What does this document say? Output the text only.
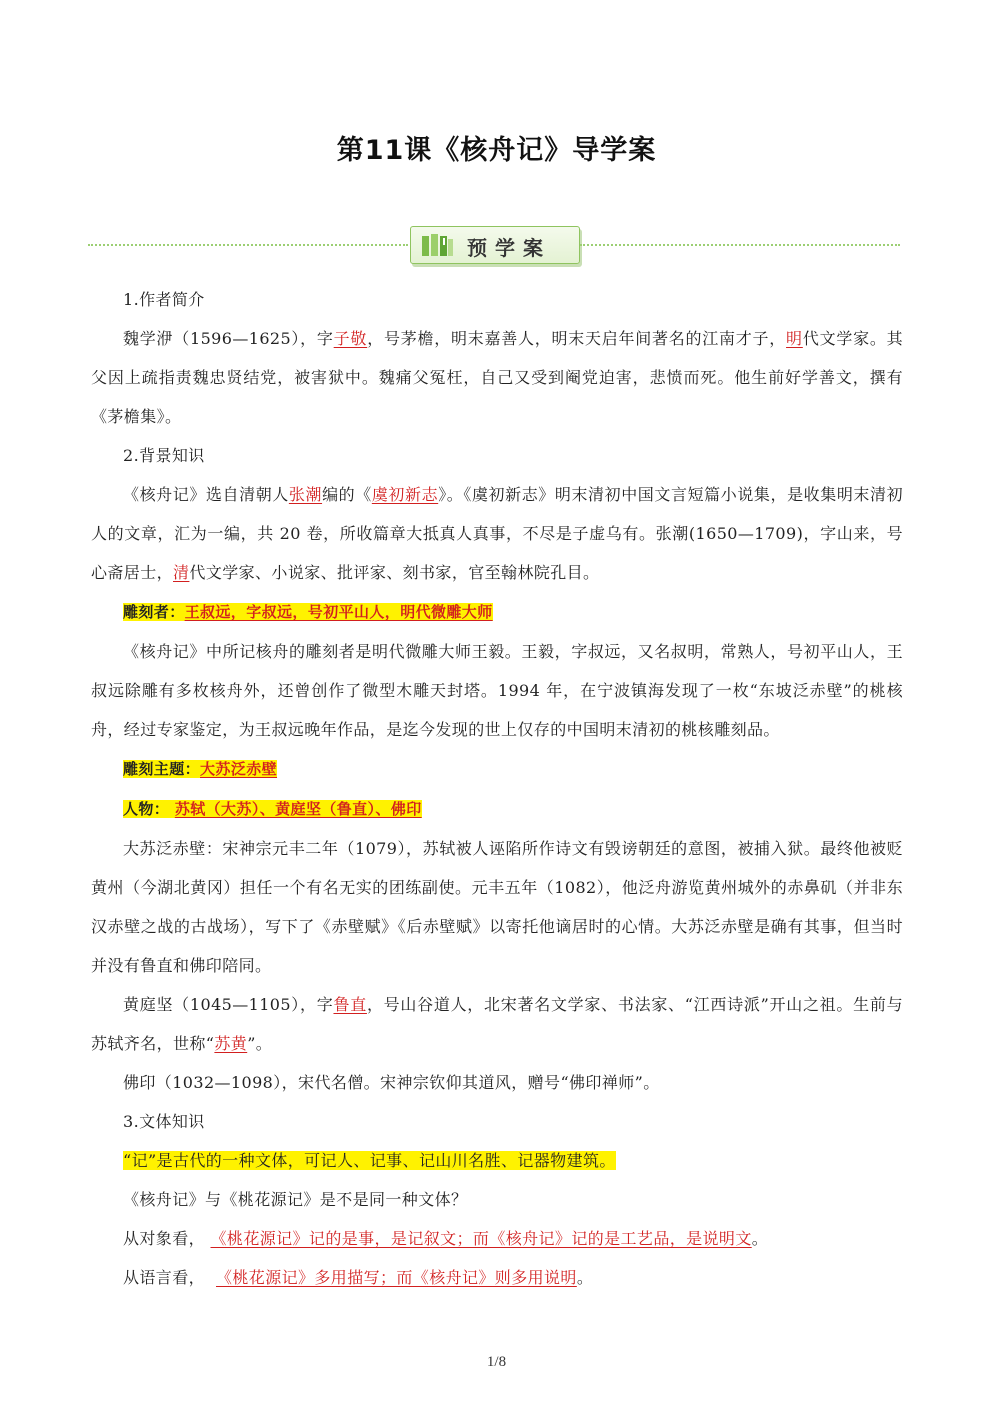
第11课《核舟记》导学案
预学案

1.作者简介

魏学洢（1596—1625），字子敬，号茅檐，明末嘉善人，明末天启年间著名的江南才子，明代文学家。其父因上疏指责魏忠贤结党，被害狱中。魏痛父冤枉，自己又受到阉党迫害，悲愤而死。他生前好学善文，撰有《茅檐集》。

2.背景知识

《核舟记》选自清朝人张潮编的《虞初新志》。《虞初新志》明末清初中国文言短篇小说集，是收集明末清初人的文章，汇为一编，共 20 卷，所收篇章大抵真人真事，不尽是子虚乌有。张潮(1650—1709)，字山来，号心斋居士，清代文学家、小说家、批评家、刻书家，官至翰林院孔目。

雕刻者：王叔远，字叔远，号初平山人，明代微雕大师

《核舟记》中所记核舟的雕刻者是明代微雕大师王毅。王毅，字叔远，又名叔明，常熟人，号初平山人，王叔远除雕有多枚核舟外，还曾创作了微型木雕天封塔。1994 年，在宁波镇海发现了一枚“东坡泛赤壁”的桃核舟，经过专家鉴定，为王叔远晚年作品，是迄今发现的世上仅存的中国明末清初的桃核雕刻品。

雕刻主题：大苏泛赤壁

人物： 苏轼（大苏）、黄庭坚（鲁直）、佛印

大苏泛赤壁：宋神宗元丰二年（1079），苏轼被人诬陷所作诗文有毁谤朝廷的意图，被捕入狱。最终他被贬黄州（今湖北黄冈）担任一个有名无实的团练副使。元丰五年（1082），他泛舟游览黄州城外的赤鼻矶（并非东汉赤壁之战的古战场），写下了《赤壁赋》《后赤壁赋》以寄托他谪居时的心情。大苏泛赤壁是确有其事，但当时并没有鲁直和佛印陪同。

黄庭坚（1045—1105），字鲁直，号山谷道人，北宋著名文学家、书法家、“江西诗派”开山之祖。生前与苏轼齐名，世称“苏黄”。

佛印（1032—1098），宋代名僧。宋神宗钦仰其道风，赠号“佛印禅师”。

3.文体知识

“记”是古代的一种文体，可记人、记事、记山川名胜、记器物建筑。

《核舟记》与《桃花源记》是不是同一种文体？

从对象看， 《桃花源记》记的是事，是记叙文；而《核舟记》记的是工艺品，是说明文。

从语言看， 《桃花源记》多用描写；而《核舟记》则多用说明。

1/8
